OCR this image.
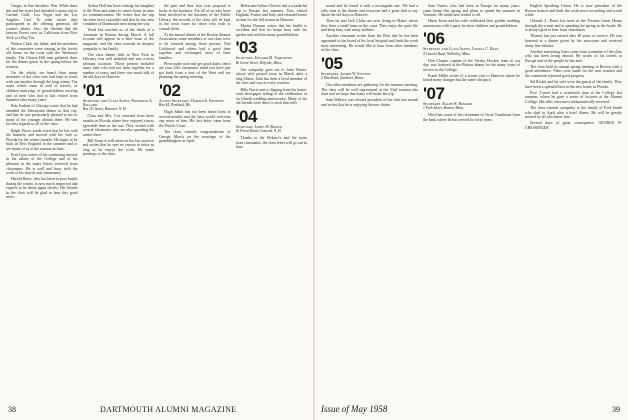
Ginger, in San Anselmo. Wm. While there she and her sister had included a motor trip to Carmel, Calif., Los Vegas and the Los Angeles. Carl. To what extent they participated in the offering generous the winter's affairs. Also, the lifetime that the famous Forest crew in California from New York to a Bay Tin.

Nelson Clark, his father, and the members of the committee were staying in the lovely old house on the coast with the Westmore family. The Clinton Hill men gathered there for the dinner given in the spring before the reunion.

On the whole, we heard from many members of the class who had kept in touch with one another through the long winter. The notes which came in told of travels, of children marrying, of grandchildren arriving and of men who had at last retired from business after many years.

Bob Jenkins of Chicago wrote that he had attended the Dartmouth dinner in that city, and that he was particularly pleased to see so many of the younger alumni there. He sent his best regards to all of the class.

Ralph Pierce sends word that he has sold his business and moved with his wife to Florida for the winter months. He hopes to be back in New England in the summer and to see many of us at the reunion in June.

Fred Lyon writes of his continuing interest in the affairs of the College and of his pleasure in the many letters received from classmates. He is well and busy with the work of his church and community.

Harold Bates, who has been in poor health during the winter, is now much improved and expects to be about again shortly. His friends in the class will be glad to hear this good news.

Arthur Hall has been visiting his daughter in the West and plans to return home in time for commencement. He writes that the trip has been most enjoyable and that he has seen a number of Dartmouth men along the way.

Word has reached us of the death of a classmate in Boston during March. A full account will appear in a later issue of the magazine, and the class extends its deepest sympathy to his family.

The class dinner held in New York in February was well attended and was a most pleasant occasion. Those present included many men who had not been together for a number of years, and there was much talk of the old days in Hanover.

'01
Secretary and Class Agent, Frederick A. Ballard
Box 111 Street, Hanover, N. H.

Class and Mrs. Cox returned from three months in Florida where they enjoyed a most agreeable time in the sun. They visited with several classmates who are also spending the winter there.

Bill Stone is still active in his law practice and writes that he sees no reason to retire as long as he enjoys the work. He sends greetings to the class.

the gent and their four year proposal is lucky in the business. For all of us who have been involved in the business of the Public Library, the records of the class will be kept in the town room for those who wish to consult them.

At the annual dinner of the Boston Alumni Association some members of our class were to be counted among those present. Ned Coldwood and others had a good time together and exchanged news of their families.

Pleas make note and get good dates; these are your 25th classmates mind you have just got back from a tour of the West and are planning the spring meeting.

'02
Acting Secretary, Harold E. Kennedy
Box 44, Portland, Me.

Hugh Sabin has not been heard from in several months and the class would welcome any news of him. His last letter came from the Pacific Coast.

The class extends congratulations to George Marsh on the marriage of his granddaughter in April.

Helen and Arthur Chivers had a wonderful trip to Europe last summer. They visited England, France and Italy, and returned home in time for the fall season in Hanover.

Martin Duncan writes that his health is excellent and that he keeps busy with his garden and with his many grandchildren.

'03
Secretary, Edward M. Tomlinson
46 Grove Street, Holyoke, Mass.

Our sympathy goes out to John Winter, whose wife passed away in March after a long illness. John has been a loyal member of the class and was at every reunion.

Billy Davis sent a clipping from his home-town newspaper telling of the celebration of his fiftieth wedding anniversary. Many of his old friends were there to wish him well.

'04
Secretary, James W. Brown
16 Forest Road, Concord, N. H.

Thanks to the Webster's and the notes from classmates, the class letter will go out in June.

38	DARTMOUTH ALUMNI MAGAZINE

round and he found it with a rectangular one. We had a jolly time at the dinner and everyone had a great deal to say about the old days in Hanover.

Then he and Jack Cloke are now living in Maine where they have a small farm on the coast. They enjoy the quiet life and keep busy with many hobbies.

Another classmate writes from the West that he has been appointed to the board of his local hospital and finds the work most interesting. He would like to hear from other members of the class.

'05
Secretary, Joseph W. Stevens
2 Elm Road, Gardiner, Maine

Our other members are gathering for the summer meeting. The class will be well represented at the 53rd reunion this June and we hope that many will make the trip.

Sam Wallace was elected president of his club last month and writes that he is enjoying the new duties.

Sam Turner, who had been in Europe for many years, came home this spring and plans to spend the summer in Vermont. He sends best wishes to all.

Harry Stone and his wife celebrated their golden wedding anniversary with a party for their children and grandchildren.

'06
Secretary and Class Agent, Lowell C. Hale
4 Lincoln Road, Wellesley, Mass.

Don Chapin, captain of the Varsity Hockey team in our day, was honored at the Boston dinner for his many years of service to the College.

Frank Miller writes of a recent visit to Hanover where he found many changes but the same old spirit.

'07
Secretary, Ralph W. Howard
1 Park Street, Boston, Mass.

Word has come of the retirement of Oscar Tomlinson from the bank where he has served for forty years.

English Speaking Union. He is now president of the Boston branch and finds the work most rewarding and worth while.

Orlando L. Davis has been in the Fortune Guest House through the winter and is spending the spring in the South. He is always glad to hear from classmates.

Thomas has just retired after 40 years of service. He was honored at a dinner given by his associates and received many fine tributes.

Another interesting letter came from a member of the class who has been living abroad. He writes of his travels in Europe and of the people he has met.

The class held its annual spring meeting in Boston with a good attendance. Plans were made for the next reunion and the committee reported good progress.

Sid Rickel and his wife were the guests of the family. They have been a splendid host in the new home in Florida.

Prof. Turner had a wonderful time at the College last summer, where he gave a series of lectures at the Alumni College. His talks were most enthusiastically received.

The class extends sympathy to the family of Fred Smith who died in April after a brief illness. He will be greatly missed by all who knew him.

Several days of great consequence. GEORGE W. CRESSINGER

Issue of May 1958	39
